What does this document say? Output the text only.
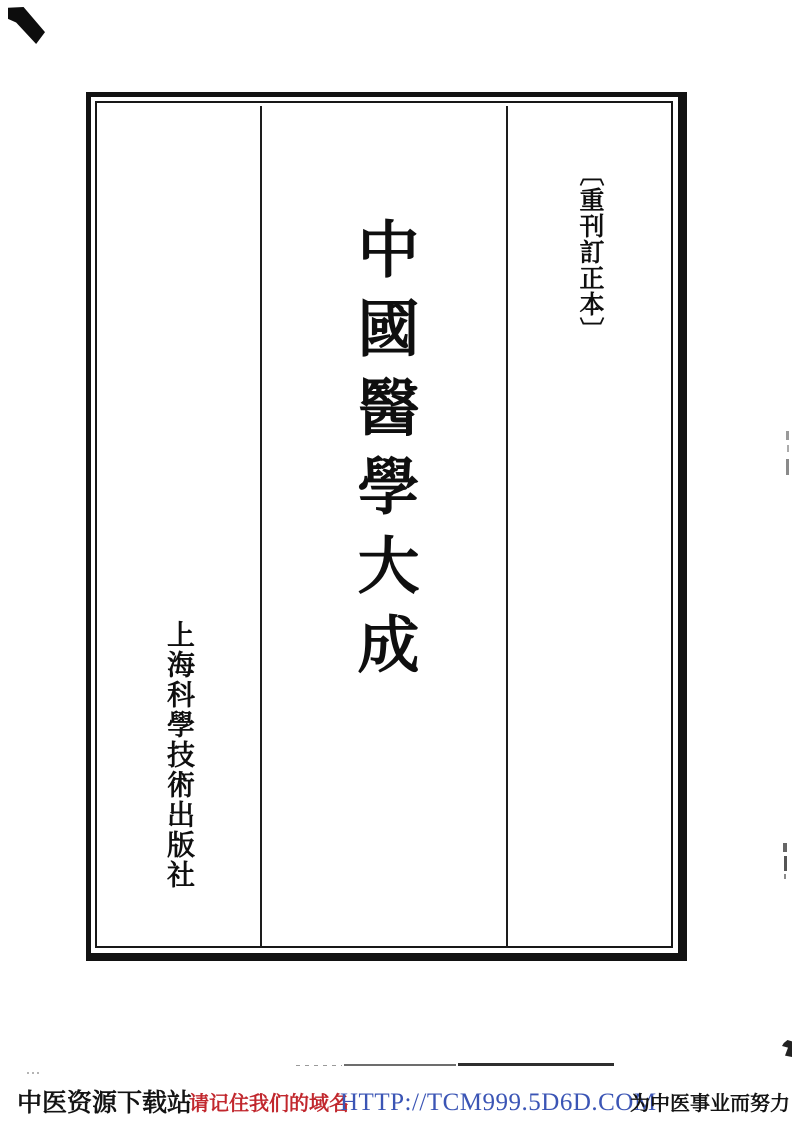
〔重刊訂正本〕
中國醫學大成
上海科學技術出版社
中医资源下载站
请记住我们的域名
HTTP://TCM999.5D6D.COM
为中医事业而努力
